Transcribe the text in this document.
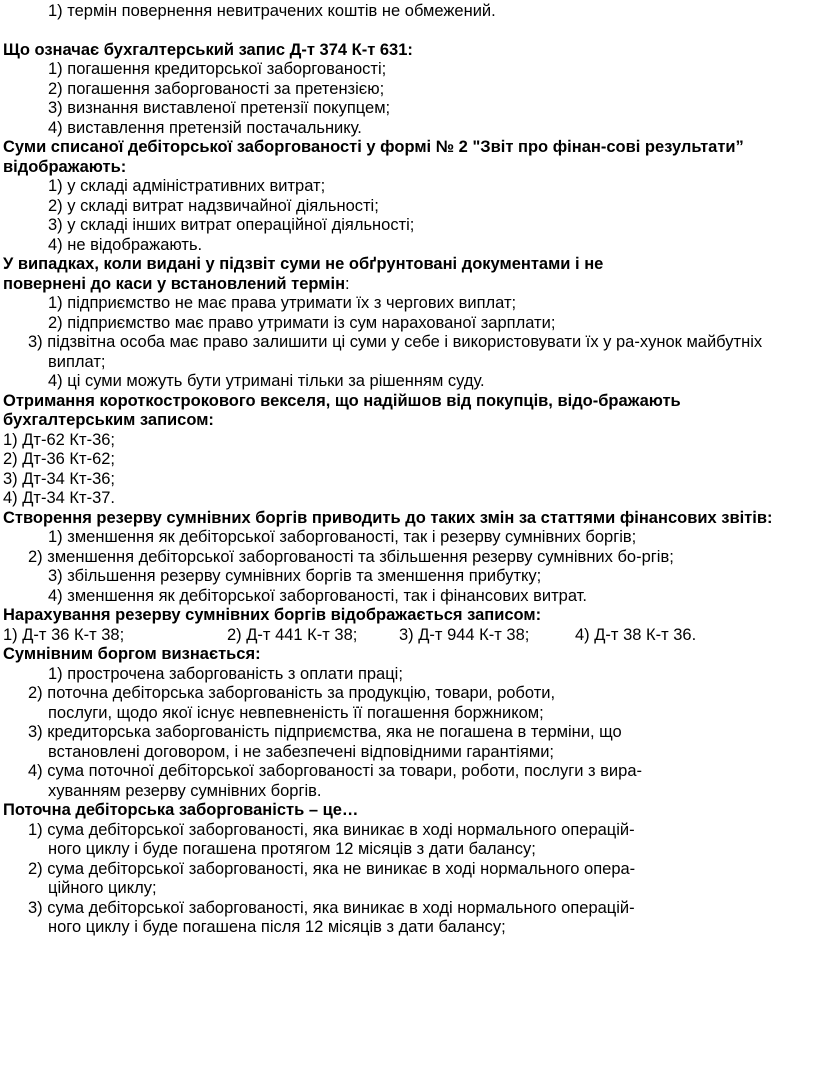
1) термін повернення невитрачених коштів не обмежений.

Що означає бухгалтерський запис Д-т 374 К-т 631:

1) погашення кредиторської заборгованості;

2) погашення заборгованості за претензією;

3) визнання виставленої претензії покупцем;

4) виставлення претензій постачальнику.

Суми списаної дебіторської заборгованості у формі № 2 "Звіт про фінан-сові результати” відображають:

1) у складі адміністративних витрат;

2) у складі витрат надзвичайної діяльності;

3) у складі інших витрат операційної діяльності;

4) не відображають.

У випадках, коли видані у підзвіт суми не обґрунтовані документами і не
повернені до каси у встановлений термін:

1) підприємство не має права утримати їх з чергових виплат;

2) підприємство має право утримати із сум нарахованої зарплати;

3) підзвітна особа має право залишити ці суми у себе і використовувати їх у ра-хунок майбутніх виплат;

4) ці суми можуть бути утримані тільки за рішенням суду.

Отримання короткострокового векселя, що надійшов від покупців, відо-бражають бухгалтерським записом:

1) Дт-62 Кт-36;

2) Дт-36 Кт-62;

3) Дт-34 Кт-36;

4) Дт-34 Кт-37.

Створення резерву сумнівних боргів приводить до таких змін за статтями фінансових звітів:

1) зменшення як дебіторської заборгованості, так і резерву сумнівних боргів;

2) зменшення дебіторської заборгованості та збільшення резерву сумнівних бо-ргів;

3) збільшення резерву сумнівних боргів та зменшення прибутку;

4) зменшення як дебіторської заборгованості, так і фінансових витрат.

Нарахування резерву сумнівних боргів відображається записом:

1) Д-т 36 К-т 38;	2) Д-т 441 К-т 38;	3) Д-т 944 К-т 38;	4) Д-т 38 К-т 36.

Сумнівним боргом визнається:

1) прострочена заборгованість з оплати праці;

2) поточна дебіторська заборгованість за продукцію, товари, роботи,

послуги, щодо якої існує невпевненість її погашення боржником;

3) кредиторська заборгованість підприємства, яка не погашена в терміни, що

встановлені договором, і не забезпечені відповідними гарантіями;

4) сума поточної дебіторської заборгованості за товари, роботи, послуги з вира-

хуванням резерву сумнівних боргів.

Поточна дебіторська заборгованість – це…

1) сума дебіторської заборгованості, яка виникає в ході нормального операцій-

ного циклу і буде погашена протягом 12 місяців з дати балансу;

2) сума дебіторської заборгованості, яка не виникає в ході нормального опера-

ційного циклу;

3) сума дебіторської заборгованості, яка виникає в ході нормального операцій-

ного циклу і буде погашена після 12 місяців з дати балансу;
